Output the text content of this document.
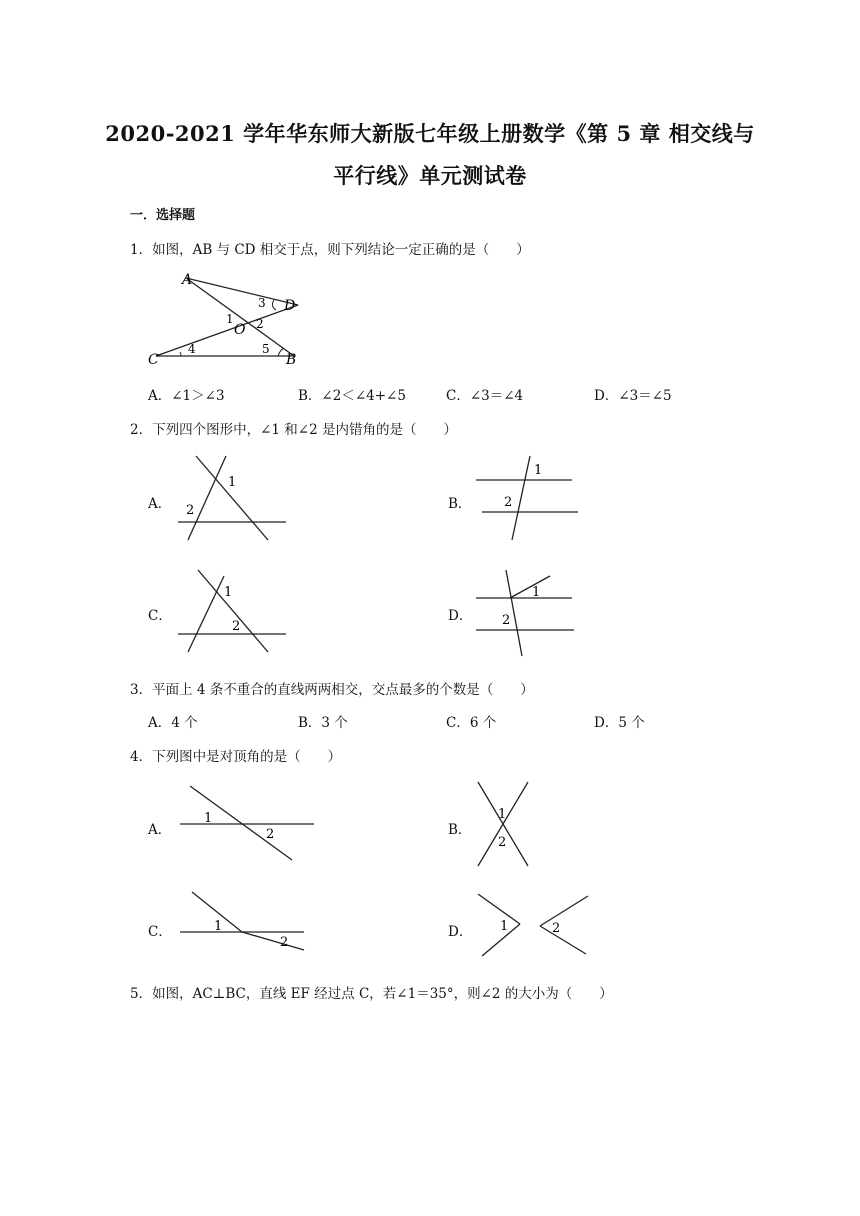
2020-2021 学年华东师大新版七年级上册数学《第 5 章 相交线与
平行线》单元测试卷
一．选择题
1．如图，AB 与 CD 相交于点，则下列结论一定正确的是（　　）
A
D
O
C	B
1 2
3
4	5
A．∠1＞∠3	B．∠2＜∠4+∠5	C．∠3＝∠4	D．∠3＝∠5
2．下列四个图形中，∠1 和∠2 是内错角的是（　　）
A．
1
2	B．
1
2
C．
1
2
D．
1
2
3．平面上 4 条不重合的直线两两相交，交点最多的个数是（　　）
A．4 个	B．3 个	C．6 个	D．5 个
4．下列图中是对顶角的是（　　）
A．
1
2	B．
1
2
C．	1
2
D． 1	2
5．如图，AC⊥BC，直线 EF 经过点 C，若∠1＝35°，则∠2 的大小为（　　）
